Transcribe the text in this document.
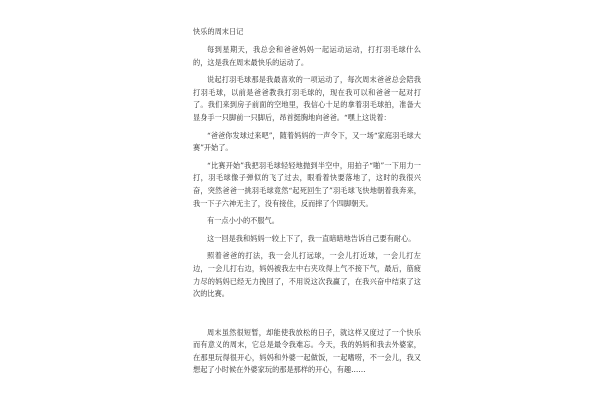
快乐的周末日记

每到星期天，我总会和爸爸妈妈一起运动运动，打打羽毛球什么的，这是我在周末最快乐的运动了。

说起打羽毛球那是我最喜欢的一项运动了，每次周末爸爸总会陪我打羽毛球，以前是爸爸教我打羽毛球的，现在我可以和爸爸一起对打了。我们来到房子前面的空地里，我信心十足的拿着羽毛球拍，准备大显身手一只脚前一只脚后，昂首挺胸地向爸爸。“嘿上这说着：

“爸爸你发球过来吧”，随着妈妈的一声令下，又一场“家庭羽毛球大赛”开始了。

“比赛开始”我把羽毛球轻轻地抛到半空中，用拍子“啪”一下用力一打，羽毛球像子弹似的飞了过去，眼看着快要落地了，这时的我很兴奋，突然爸爸一挑羽毛球竟然“起死回生了”羽毛球飞快地朝着我奔来，我一下子六神无主了，没有接住，反而摔了个四脚朝天。

有一点小小的不服气。

这一回是我和妈妈一较上下了，我一直暗暗地告诉自己要有耐心。

照着爸爸的打法，我一会儿打远球，一会儿打近球，一会儿打左边，一会儿打右边，妈妈被我左中右夹攻得上气不接下气，最后，筋疲力尽的妈妈已经无力挽回了，不用说这次我赢了，在我兴奋中结束了这次的比赛。

周末虽然很短暂，却能使我放松的日子，就这样又度过了一个快乐而有意义的周末，它总是最令我难忘。今天，我的妈妈和我去外婆家，在那里玩得很开心，妈妈和外婆一起做饭，一起嗜唠，不一会儿，我又想起了小时候在外婆家玩的那是那样的开心，有趣……
